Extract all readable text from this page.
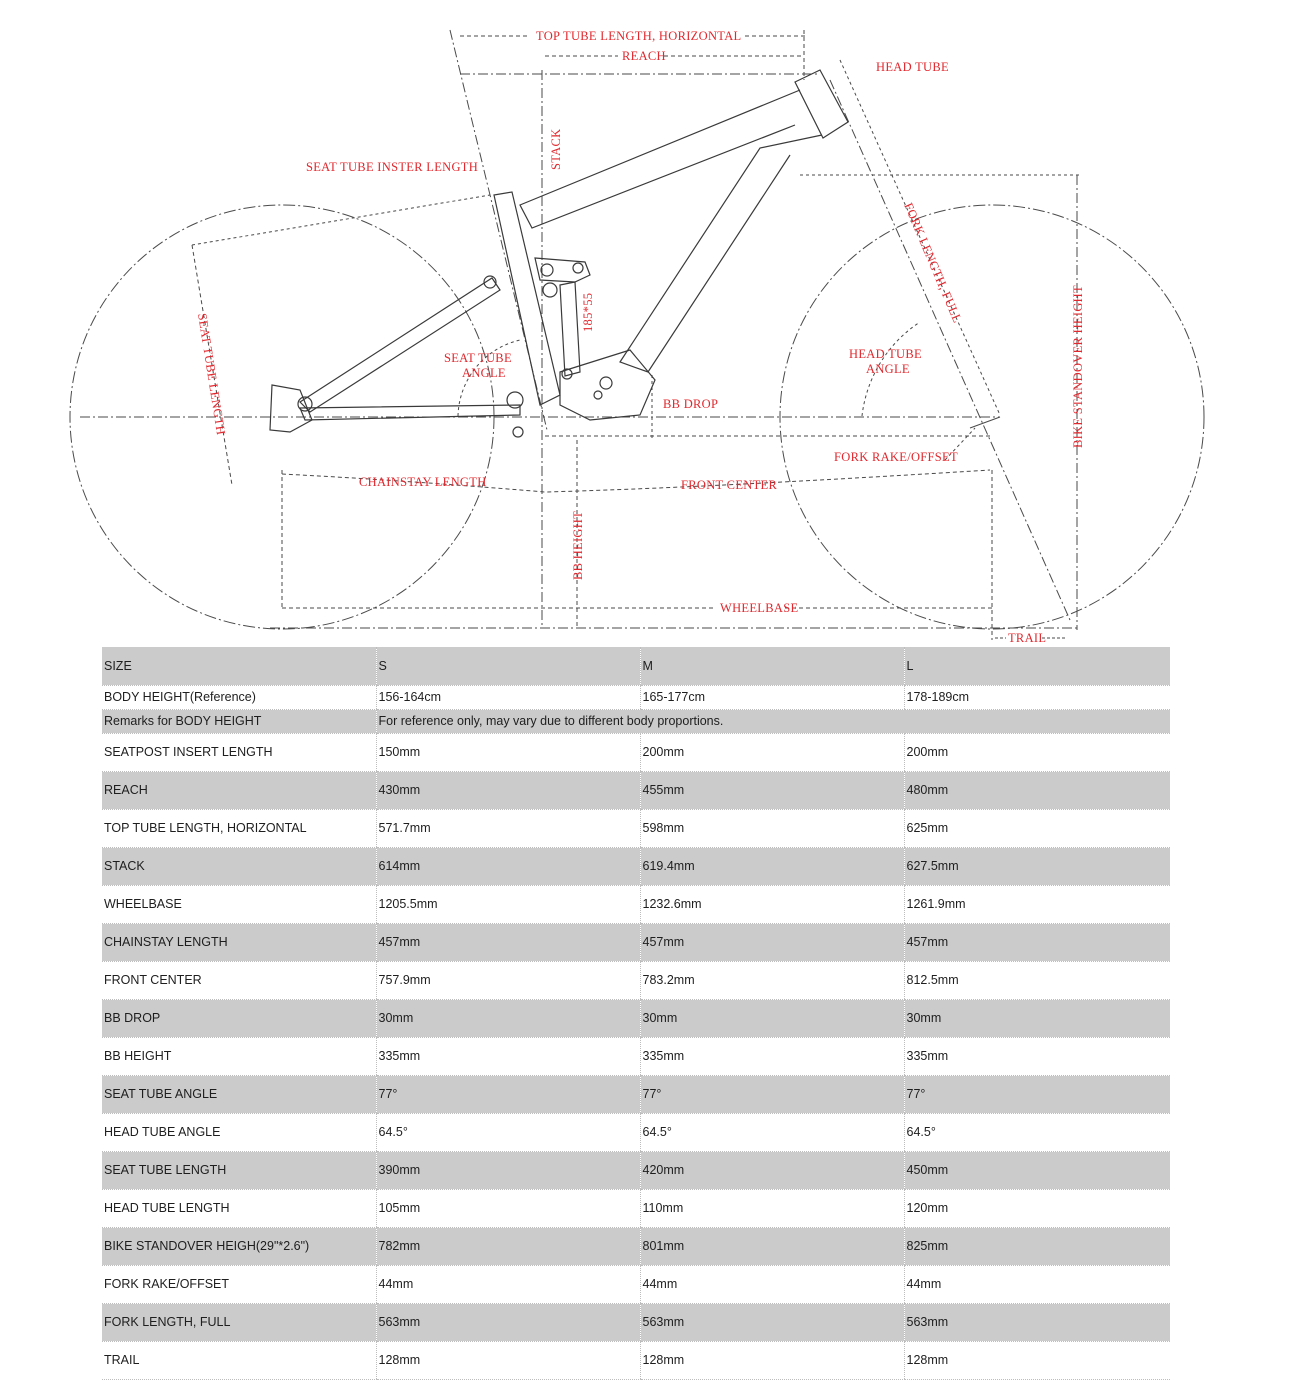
TOP TUBE LENGTH, HORIZONTAL
REACH
HEAD TUBE
STACK
SEAT TUBE INSTER LENGTH
FORK LENGTH, FULL
185*55
SEAT TUBE LENGTH	SEAT TUBE
ANGLE
HEAD TUBE
ANGLE
BB DROP	BIKE STANDOVER HEIGHT
FORK RAKE/OFFSET
CHAINSTAY LENGTH	FRONT CENTER
BB HEIGHT
WHEELBASE
TRAIL
SIZE	S	M	L
BODY HEIGHT(Reference)	156-164cm	165-177cm	178-189cm
Remarks for BODY HEIGHT	For reference only, may vary due to different body proportions.		
SEATPOST INSERT LENGTH	150mm	200mm	200mm
REACH	430mm	455mm	480mm
TOP TUBE LENGTH, HORIZONTAL	571.7mm	598mm	625mm
STACK	614mm	619.4mm	627.5mm
WHEELBASE	1205.5mm	1232.6mm	1261.9mm
CHAINSTAY LENGTH	457mm	457mm	457mm
FRONT CENTER	757.9mm	783.2mm	812.5mm
BB DROP	30mm	30mm	30mm
BB HEIGHT	335mm	335mm	335mm
SEAT TUBE ANGLE	77°	77°	77°
HEAD TUBE ANGLE	64.5°	64.5°	64.5°
SEAT TUBE LENGTH	390mm	420mm	450mm
HEAD TUBE LENGTH	105mm	110mm	120mm
BIKE STANDOVER HEIGH(29"*2.6")	782mm	801mm	825mm
FORK RAKE/OFFSET	44mm	44mm	44mm
FORK LENGTH, FULL	563mm	563mm	563mm
TRAIL	128mm	128mm	128mm
